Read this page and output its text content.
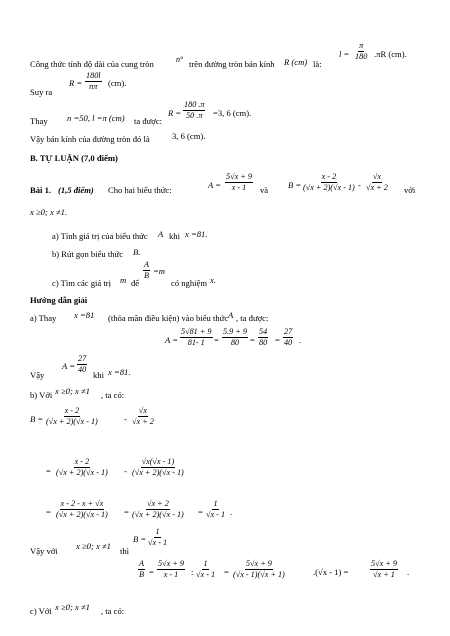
Công thức tính độ dài của cung tròn	n° trên đường tròn bán kính R (cm) là:
l =
π
180 .πR (cm).
Suy ra
R =
180l
nπ (cm).
Thay n =50, l =π (cm) ta được:
R =
180 .π
50 .π =3, 6 (cm).
Vậy bán kính của đường tròn đó là	3, 6 (cm).
B. TỰ LUẬN (7,0 điểm)
Bài 1. (1,5 điểm) Cho hai biểu thức:	A =
5√x + 9
x - 1 và B =
x - 2
(√x + 2)(√x - 1) -
√x
√x + 2 với
x ≥0; x ≠1.
a) Tính giá trị của biểu thức A khi x =81.
b) Rút gọn biểu thức B.
c) Tìm các giá trị m để
A
B =m
có nghiệm x.
Hướng dẫn giải
a) Thay x =81 (thỏa mãn điều kiện) vào biểu thức A , ta được:
A =
5√81 + 9
81- 1 =
5.9 + 9
80 =
54
80 =
27
40 .
Vậy
A =
27
40
khi x =81.
b) Với x ≥0; x ≠1 , ta có:
B =
x - 2
(√x + 2)(√x - 1)	-
√x
√x + 2
=
x - 2
(√x + 2)(√x - 1) -
√x(√x - 1)
(√x + 2)(√x - 1)
=
x - 2 - x + √x
(√x + 2)(√x - 1) =
√x + 2
(√x + 2)(√x - 1) =
1
√x - 1 .
Vậy với x ≥0; x ≠1 thì
B =
1
√x - 1
c) Với x ≥0; x ≠1 , ta có:
A
B =
5√x + 9
x - 1 :
1
√x - 1 =
5√x + 9
(√x - 1)(√x + 1)	.(√x - 1) =
5√x + 9
√x + 1 .
